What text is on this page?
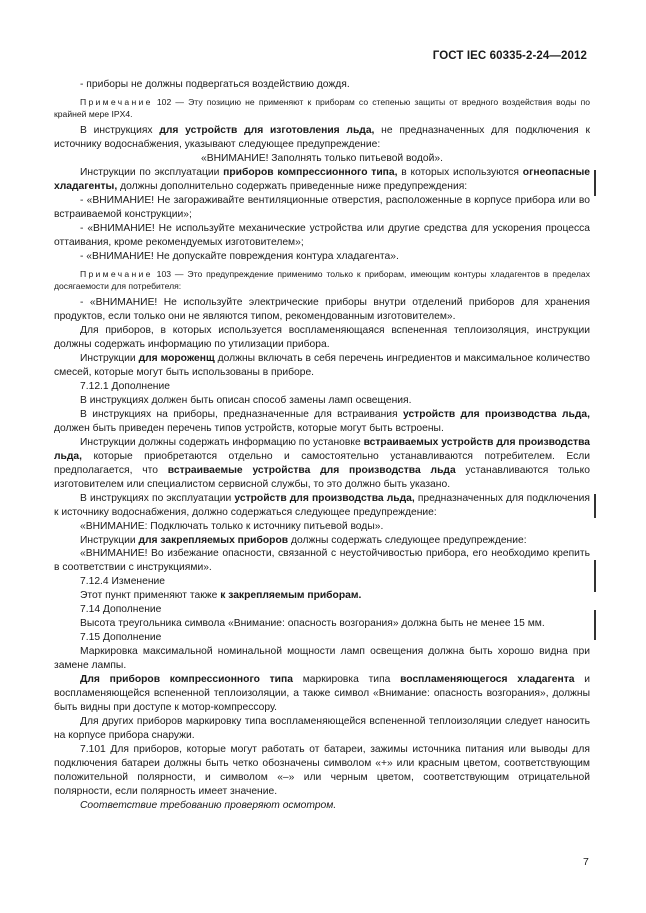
ГОСТ IEC 60335-2-24—2012

- приборы не должны подвергаться воздействию дождя.

Примечание 102 — Эту позицию не применяют к приборам со степенью защиты от вредного воздействия воды по крайней мере IPX4.

В инструкциях для устройств для изготовления льда, не предназначенных для подключения к источнику водоснабжения, указывают следующее предупреждение:

«ВНИМАНИЕ! Заполнять только питьевой водой».

Инструкции по эксплуатации приборов компрессионного типа, в которых используются огнеопасные хладагенты, должны дополнительно содержать приведенные ниже предупреждения:

- «ВНИМАНИЕ! Не загораживайте вентиляционные отверстия, расположенные в корпусе прибора или во встраиваемой конструкции»;

- «ВНИМАНИЕ! Не используйте механические устройства или другие средства для ускорения процесса оттаивания, кроме рекомендуемых изготовителем»;

- «ВНИМАНИЕ! Не допускайте повреждения контура хладагента».

Примечание 103 — Это предупреждение применимо только к приборам, имеющим контуры хладагентов в пределах досягаемости для потребителя:

- «ВНИМАНИЕ! Не используйте электрические приборы внутри отделений приборов для хранения продуктов, если только они не являются типом, рекомендованным изготовителем».

Для приборов, в которых используется воспламеняющаяся вспененная теплоизоляция, инструкции должны содержать информацию по утилизации прибора.

Инструкции для мороженщ должны включать в себя перечень ингредиентов и максимальное количество смесей, которые могут быть использованы в приборе.

7.12.1 Дополнение

В инструкциях должен быть описан способ замены ламп освещения.

В инструкциях на приборы, предназначенные для встраивания устройств для производства льда, должен быть приведен перечень типов устройств, которые могут быть встроены.

Инструкции должны содержать информацию по установке встраиваемых устройств для производства льда, которые приобретаются отдельно и самостоятельно устанавливаются потребителем. Если предполагается, что встраиваемые устройства для производства льда устанавливаются только изготовителем или специалистом сервисной службы, то это должно быть указано.

В инструкциях по эксплуатации устройств для производства льда, предназначенных для подключения к источнику водоснабжения, должно содержаться следующее предупреждение:

«ВНИМАНИЕ: Подключать только к источнику питьевой воды».

Инструкции для закрепляемых приборов должны содержать следующее предупреждение:

«ВНИМАНИЕ! Во избежание опасности, связанной с неустойчивостью прибора, его необходимо крепить в соответствии с инструкциями».

7.12.4 Изменение

Этот пункт применяют также к закрепляемым приборам.

7.14 Дополнение

Высота треугольника символа «Внимание: опасность возгорания» должна быть не менее 15 мм.

7.15 Дополнение

Маркировка максимальной номинальной мощности ламп освещения должна быть хорошо видна при замене лампы.

Для приборов компрессионного типа маркировка типа воспламеняющегося хладагента и воспламеняющейся вспененной теплоизоляции, а также символ «Внимание: опасность возгорания», должны быть видны при доступе к мотор-компрессору.

Для других приборов маркировку типа воспламеняющейся вспененной теплоизоляции следует наносить на корпусе прибора снаружи.

7.101 Для приборов, которые могут работать от батареи, зажимы источника питания или выводы для подключения батареи должны быть четко обозначены символом «+» или красным цветом, соответствующим положительной полярности, и символом «–» или черным цветом, соответствующим отрицательной полярности, если полярность имеет значение.

Соответствие требованию проверяют осмотром.

7
